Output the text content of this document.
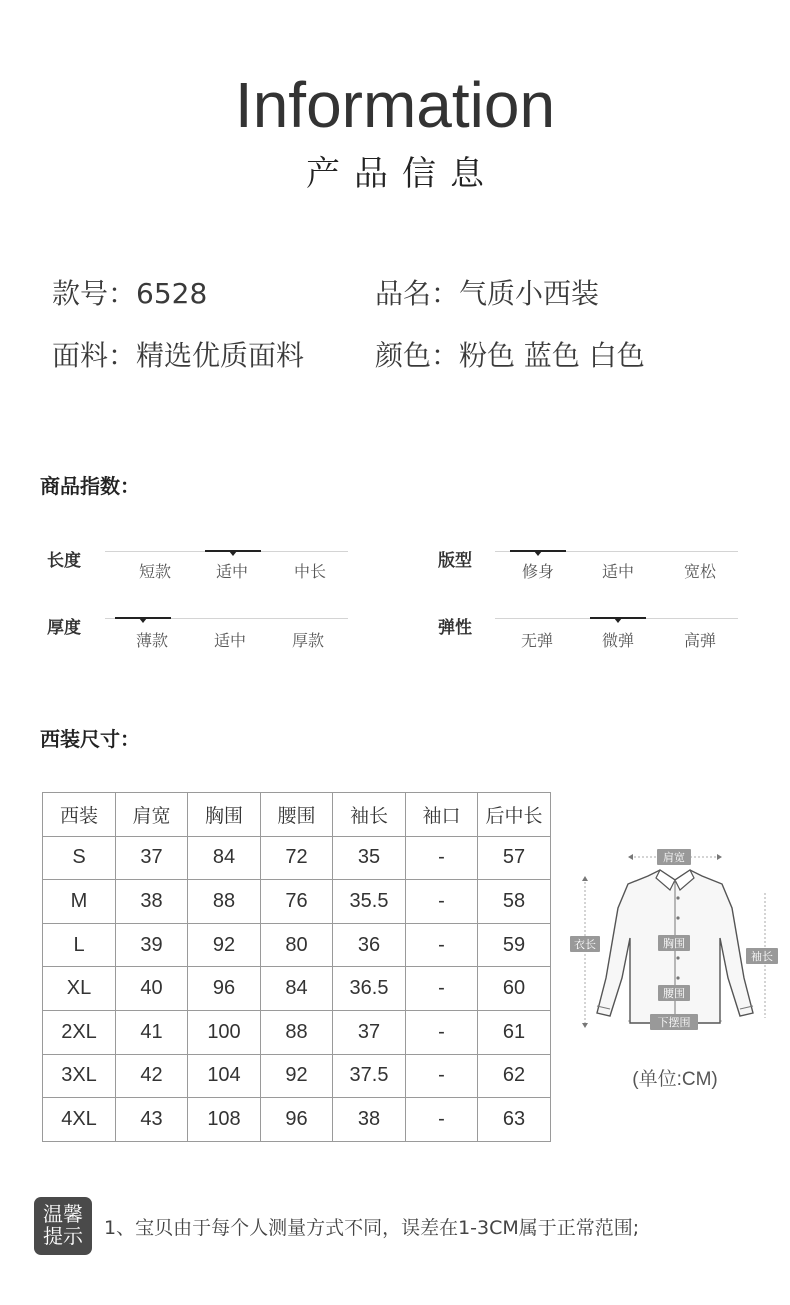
Information
产品信息
款号：6528	品名：气质小西装
面料：精选优质面料	颜色：粉色 蓝色 白色
商品指数：
长度
短款	适中	中长
版型
修身	适中	宽松
厚度
薄款	适中	厚款
弹性
无弹	微弹	高弹
西装尺寸：
西装	肩宽	胸围	腰围	袖长	袖口	后中长
S	37	84	72	35	-	57
M	38	88	76	35.5	-	58
L	39	92	80	36	-	59
XL	40	96	84	36.5	-	60
2XL	41	100	88	37	-	61
3XL	42	104	92	37.5	-	62
4XL	43	108	96	38	-	63
肩宽
衣长	胸围
袖长
腰围
下摆围
(单位:CM)
温馨
提示	1、宝贝由于每个人测量方式不同，误差在1-3CM属于正常范围;
